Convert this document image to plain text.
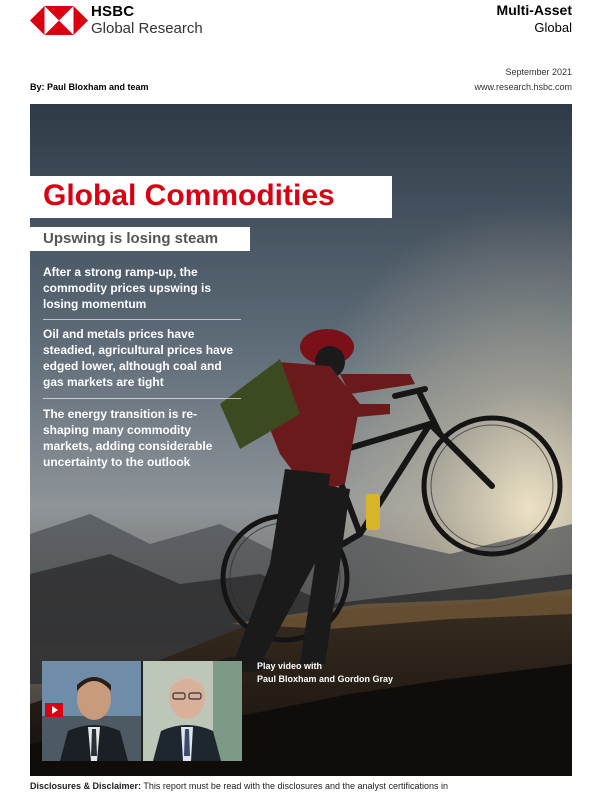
HSBC
Global Research
Multi-Asset
Global
September 2021
By: Paul Bloxham and team	www.research.hsbc.com
Global Commodities
Upswing is losing steam
After a strong ramp-up, the commodity prices upswing is losing momentum
Oil and metals prices have steadied, agricultural prices have edged lower, although coal and gas markets are tight
The energy transition is re-shaping many commodity markets, adding considerable uncertainty to the outlook
Play video with
Paul Bloxham and Gordon Gray
Disclosures & Disclaimer: This report must be read with the disclosures and the analyst certifications in
